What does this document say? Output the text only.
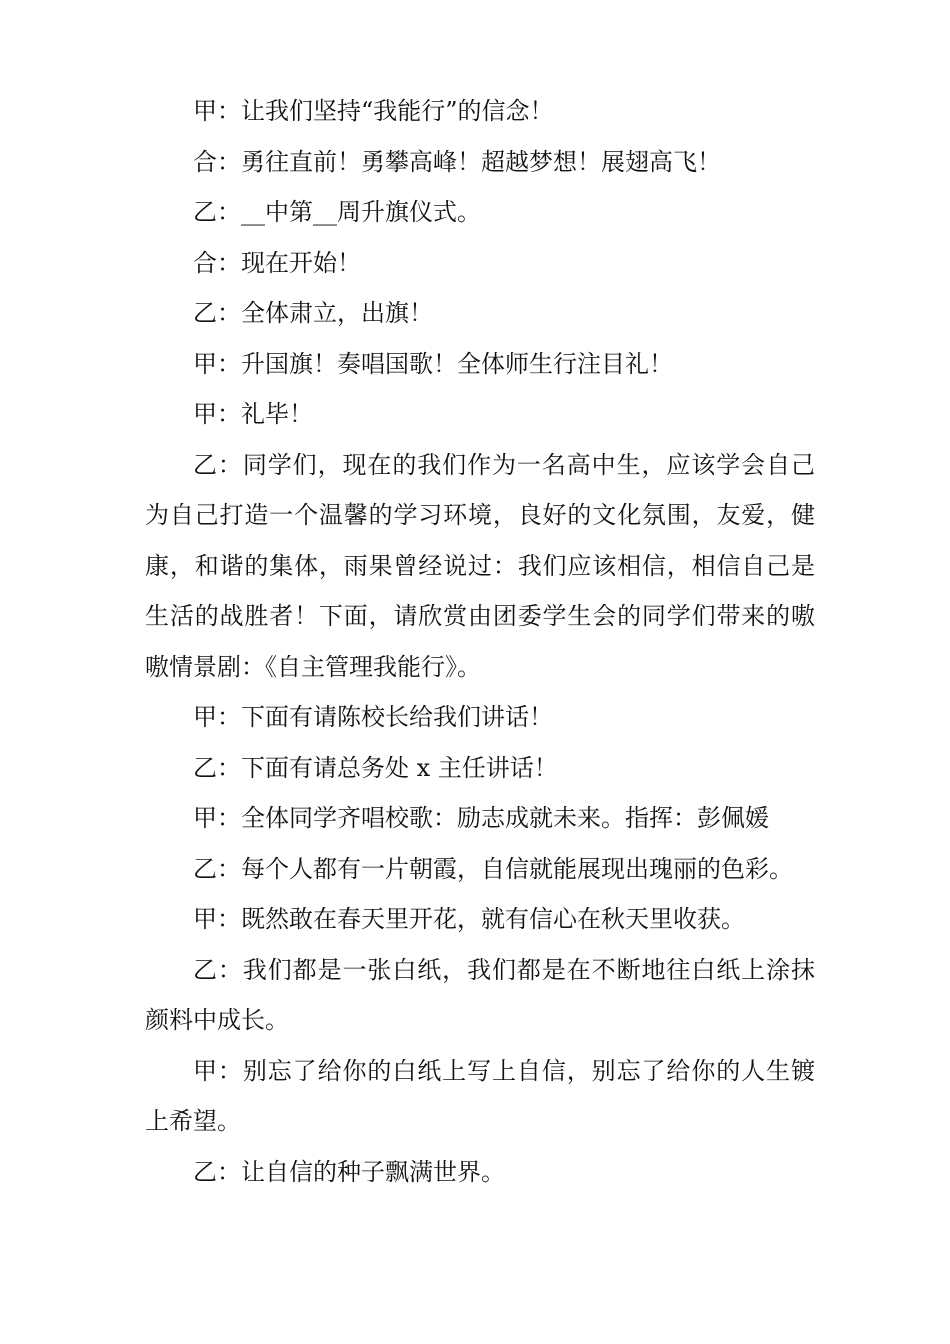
甲：让我们坚持“我能行”的信念！

合：勇往直前！勇攀高峰！超越梦想！展翅高飞！

乙：__中第__周升旗仪式。

合：现在开始！

乙：全体肃立，出旗！

甲：升国旗！奏唱国歌！全体师生行注目礼！

甲：礼毕！

乙：同学们，现在的我们作为一名高中生，应该学会自己为自己打造一个温馨的学习环境，良好的文化氛围，友爱，健康，和谐的集体，雨果曾经说过：我们应该相信，相信自己是生活的战胜者！下面，请欣赏由团委学生会的同学们带来的嗷嗷情景剧：《自主管理我能行》。

甲：下面有请陈校长给我们讲话！

乙：下面有请总务处 x 主任讲话！

甲：全体同学齐唱校歌：励志成就未来。指挥：彭佩媛

乙：每个人都有一片朝霞，自信就能展现出瑰丽的色彩。

甲：既然敢在春天里开花，就有信心在秋天里收获。

乙：我们都是一张白纸，我们都是在不断地往白纸上涂抹颜料中成长。

甲：别忘了给你的白纸上写上自信，别忘了给你的人生镀上希望。

乙：让自信的种子飘满世界。
